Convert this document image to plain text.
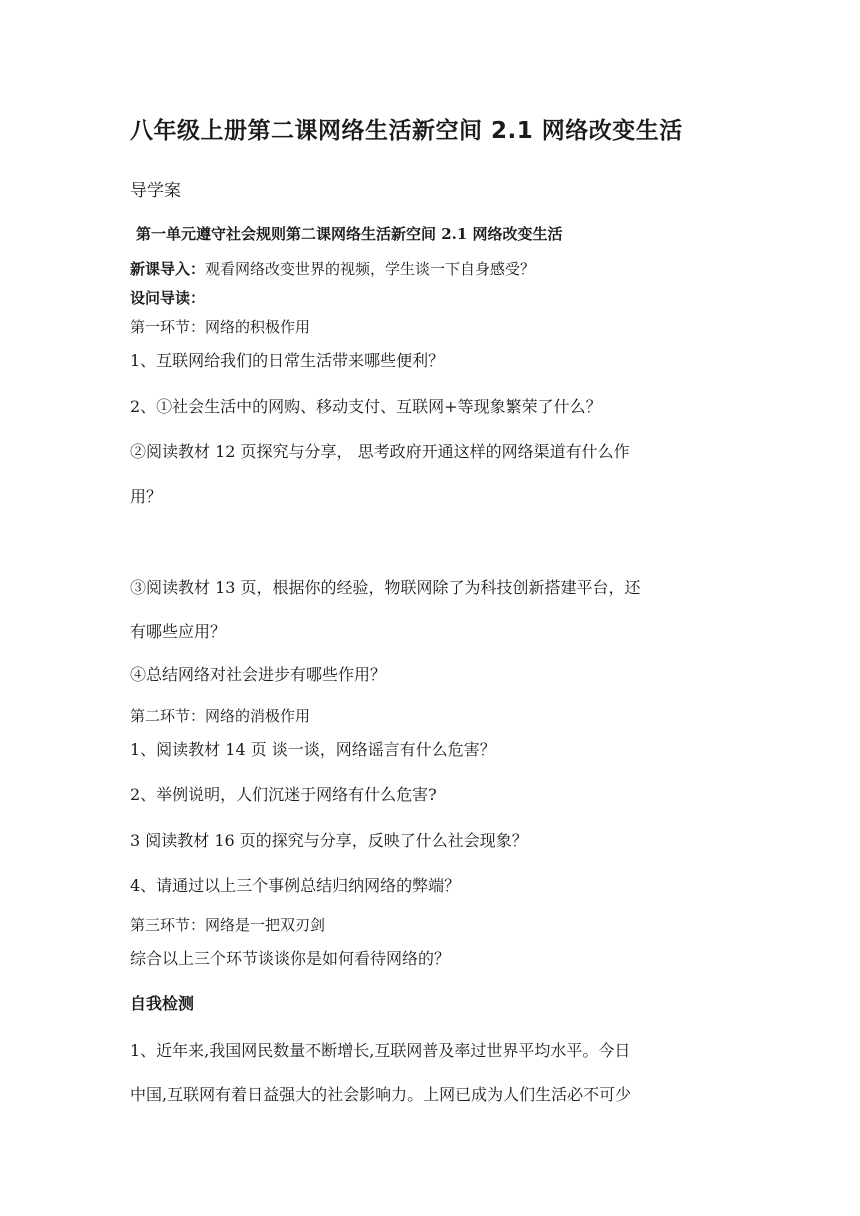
八年级上册第二课网络生活新空间 2.1 网络改变生活
导学案
第一单元遵守社会规则第二课网络生活新空间 2.1 网络改变生活
新课导入：观看网络改变世界的视频，学生谈一下自身感受？
设问导读：
第一环节：网络的积极作用
1、互联网给我们的日常生活带来哪些便利？
2、①社会生活中的网购、移动支付、互联网+等现象繁荣了什么？
②阅读教材 12 页探究与分享， 思考政府开通这样的网络渠道有什么作
用？
③阅读教材 13 页，根据你的经验，物联网除了为科技创新搭建平台，还
有哪些应用？
④总结网络对社会进步有哪些作用？
第二环节：网络的消极作用
1、阅读教材 14 页 谈一谈，网络谣言有什么危害？
2、举例说明，人们沉迷于网络有什么危害?
3 阅读教材 16 页的探究与分享，反映了什么社会现象？
4、请通过以上三个事例总结归纳网络的弊端？
第三环节：网络是一把双刃剑
综合以上三个环节谈谈你是如何看待网络的？
自我检测
1、近年来,我国网民数量不断增长,互联网普及率过世界平均水平。今日
中国,互联网有着日益强大的社会影响力。上网已成为人们生活必不可少
